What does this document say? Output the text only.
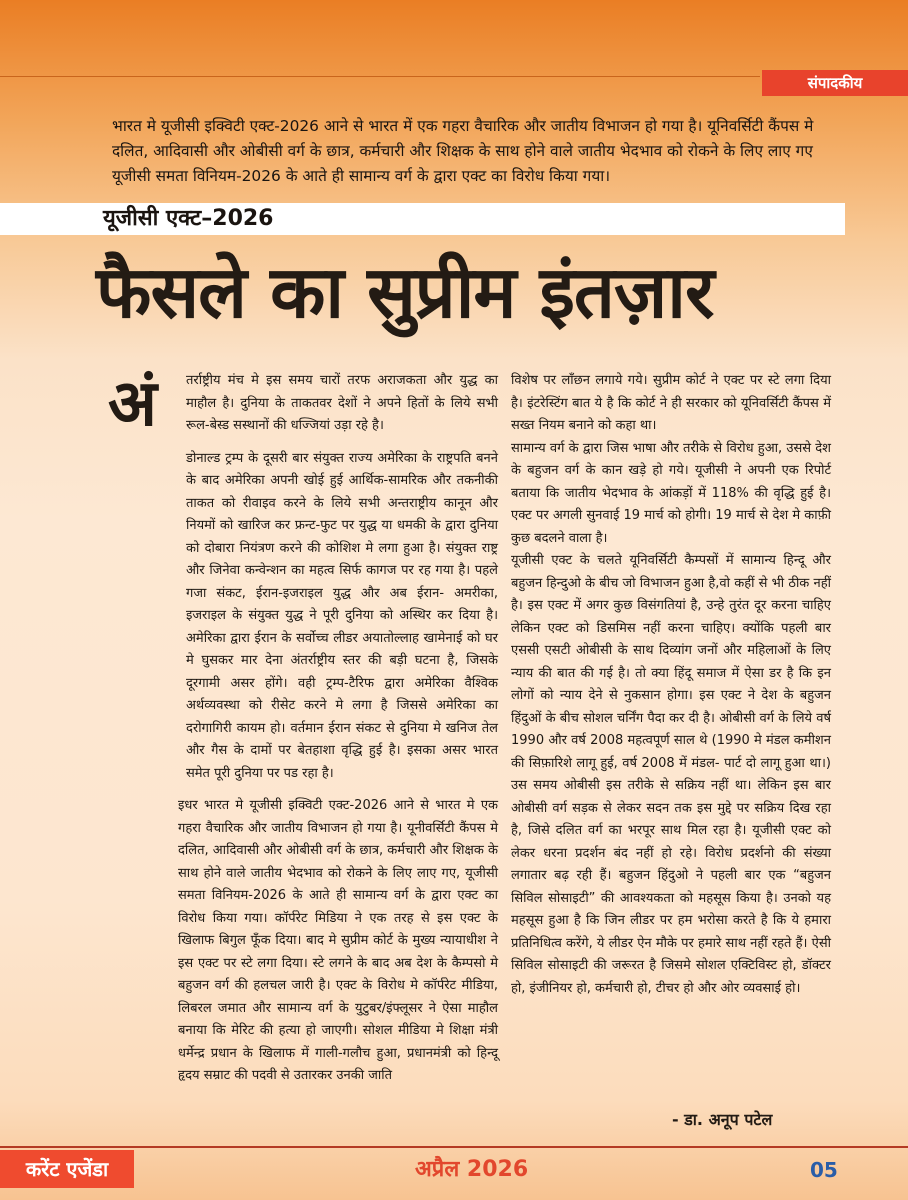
संपादकीय

भारत मे यूजीसी इक्विटी एक्ट-2026 आने से भारत में एक गहरा वैचारिक और जातीय विभाजन हो गया है। यूनिवर्सिटी कैंपस मे दलित, आदिवासी और ओबीसी वर्ग के छात्र, कर्मचारी और शिक्षक के साथ होने वाले जातीय भेदभाव को रोकने के लिए लाए गए यूजीसी समता विनियम-2026 के आते ही सामान्य वर्ग के द्वारा एक्ट का विरोध किया गया।

यूजीसी एक्ट–2026
फैसले का सुप्रीम इंतज़ार
अं तर्राष्ट्रीय मंच मे इस समय चारों तरफ अराजकता और युद्ध का माहौल है। दुनिया के ताकतवर देशों ने अपने हितों के लिये सभी रूल-बेस्ड सस्थानों की धज्जियां उड़ा रहे है।

डोनाल्ड ट्रम्प के दूसरी बार संयुक्त राज्य अमेरिका के राष्ट्रपति बनने के बाद अमेरिका अपनी खोई हुई आर्थिक-सामरिक और तकनीकी ताकत को रीवाइव करने के लिये सभी अन्तराष्ट्रीय कानून और नियमों को खारिज कर फ्रन्ट-फुट पर युद्ध या धमकी के द्वारा दुनिया को दोबारा नियंत्रण करने की कोशिश मे लगा हुआ है। संयुक्त राष्ट्र और जिनेवा कन्वेन्शन का महत्व सिर्फ कागज पर रह गया है। पहले गजा संकट, ईरान-इजराइल युद्ध और अब ईरान- अमरीका, इजराइल के संयुक्त युद्ध ने पूरी दुनिया को अस्थिर कर दिया है। अमेरिका द्वारा ईरान के सर्वोच्च लीडर अयातोल्लाह खामेनाई को घर मे घुसकर मार देना अंतर्राष्ट्रीय स्तर की बड़ी घटना है, जिसके दूरगामी असर होंगे। वही ट्रम्प-टैरिफ द्वारा अमेरिका वैश्विक अर्थव्यवस्था को रीसेट करने मे लगा है जिससे अमेरिका का दरोगागिरी कायम हो। वर्तमान ईरान संकट से दुनिया मे खनिज तेल और गैस के दामों पर बेतहाशा वृद्धि हुई है। इसका असर भारत समेत पूरी दुनिया पर पड रहा है।

इधर भारत मे यूजीसी इक्विटी एक्ट-2026 आने से भारत मे एक गहरा वैचारिक और जातीय विभाजन हो गया है। यूनीवर्सिटी कैंपस मे दलित, आदिवासी और ओबीसी वर्ग के छात्र, कर्मचारी और शिक्षक के साथ होने वाले जातीय भेदभाव को रोकने के लिए लाए गए, यूजीसी समता विनियम-2026 के आते ही सामान्य वर्ग के द्वारा एक्ट का विरोध किया गया। कॉर्परेट मिडिया ने एक तरह से इस एक्ट के खिलाफ बिगुल फूँक दिया। बाद मे सुप्रीम कोर्ट के मुख्य न्यायाधीश ने इस एक्ट पर स्टे लगा दिया। स्टे लगने के बाद अब देश के कैम्पसो मे बहुजन वर्ग की हलचल जारी है। एक्ट के विरोध मे कॉर्परेट मीडिया, लिबरल जमात और सामान्य वर्ग के युटुबर/इंफ्लूसर ने ऐसा माहौल बनाया कि मेरिट की हत्या हो जाएगी। सोशल मीडिया मे शिक्षा मंत्री धर्मेन्द्र प्रधान के खिलाफ में गाली-गलौच हुआ, प्रधानमंत्री को हिन्दू हृदय सम्राट की पदवी से उतारकर उनकी जाति

विशेष पर लाँछन लगाये गये। सुप्रीम कोर्ट ने एक्ट पर स्टे लगा दिया है। इंटरेस्टिंग बात ये है कि कोर्ट ने ही सरकार को यूनिवर्सिटी कैंपस में सख्त नियम बनाने को कहा था।

सामान्य वर्ग के द्वारा जिस भाषा और तरीके से विरोध हुआ, उससे देश के बहुजन वर्ग के कान खड़े हो गये। यूजीसी ने अपनी एक रिपोर्ट बताया कि जातीय भेदभाव के आंकड़ों में 118% की वृद्धि हुई है। एक्ट पर अगली सुनवाई 19 मार्च को होगी। 19 मार्च से देश मे काफ़ी कुछ बदलने वाला है।

यूजीसी एक्ट के चलते यूनिवर्सिटी कैम्पसों में सामान्य हिन्दू और बहुजन हिन्दुओ के बीच जो विभाजन हुआ है,वो कहीं से भी ठीक नहीं है। इस एक्ट में अगर कुछ विसंगतियां है, उन्हे तुरंत दूर करना चाहिए लेकिन एक्ट को डिसमिस नहीं करना चाहिए। क्योंकि पहली बार एससी एसटी ओबीसी के साथ दिव्यांग जनों और महिलाओं के लिए न्याय की बात की गई है। तो क्या हिंदू समाज में ऐसा डर है कि इन लोगों को न्याय देने से नुकसान होगा। इस एक्ट ने देश के बहुजन हिंदुओं के बीच सोशल चर्निंग पैदा कर दी है। ओबीसी वर्ग के लिये वर्ष 1990 और वर्ष 2008 महत्वपूर्ण साल थे (1990 मे मंडल कमीशन की सिफ़ारिशे लागू हुई, वर्ष 2008 में मंडल- पार्ट दो लागू हुआ था।) उस समय ओबीसी इस तरीके से सक्रिय नहीं था। लेकिन इस बार ओबीसी वर्ग सड़क से लेकर सदन तक इस मुद्दे पर सक्रिय दिख रहा है, जिसे दलित वर्ग का भरपूर साथ मिल रहा है। यूजीसी एक्ट को लेकर धरना प्रदर्शन बंद नहीं हो रहे। विरोध प्रदर्शनो की संख्या लगातार बढ़ रही हैं। बहुजन हिंदुओ ने पहली बार एक “बहुजन सिविल सोसाइटी” की आवश्यकता को महसूस किया है। उनको यह महसूस हुआ है कि जिन लीडर पर हम भरोसा करते है कि ये हमारा प्रतिनिधित्व करेंगे, ये लीडर ऐन मौके पर हमारे साथ नहीं रहते हैं। ऐसी सिविल सोसाइटी की जरूरत है जिसमे सोशल एक्टिविस्ट हो, डॉक्टर हो, इंजीनियर हो, कर्मचारी हो, टीचर हो और ओर व्यवसाई हो।

- डा. अनूप पटेल

करेंट एजेंडा	अप्रैल 2026	05
